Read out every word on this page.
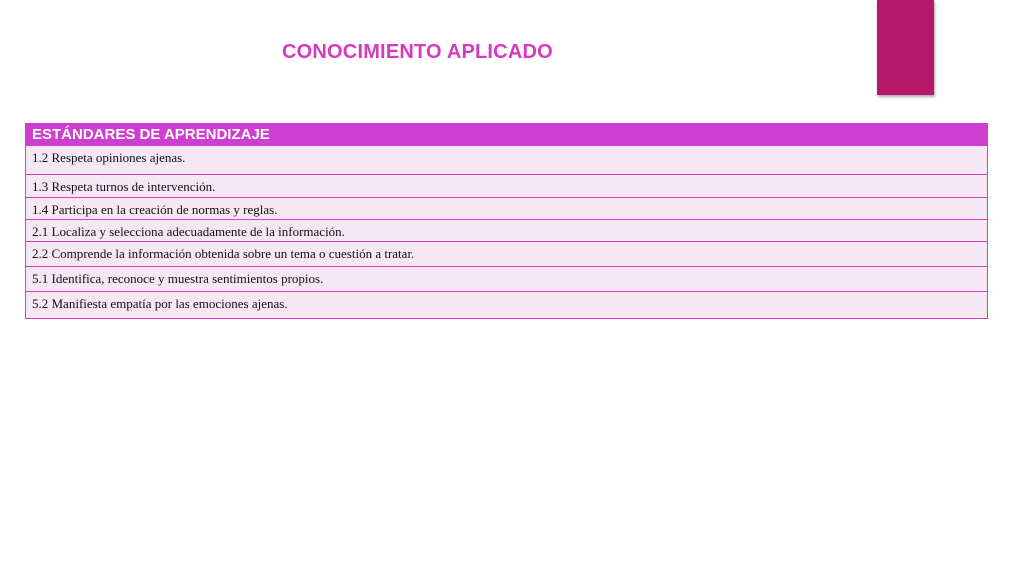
CONOCIMIENTO APLICADO
ESTÁNDARES DE APRENDIZAJE
1.2 Respeta opiniones ajenas.
1.3 Respeta turnos de intervención.
1.4 Participa en la creación de normas y reglas.
2.1 Localiza y selecciona adecuadamente de la información.
2.2 Comprende la información obtenida sobre un tema o cuestión a tratar.
5.1 Identifica, reconoce y muestra sentimientos propios.
5.2 Manifiesta empatía por las emociones ajenas.
